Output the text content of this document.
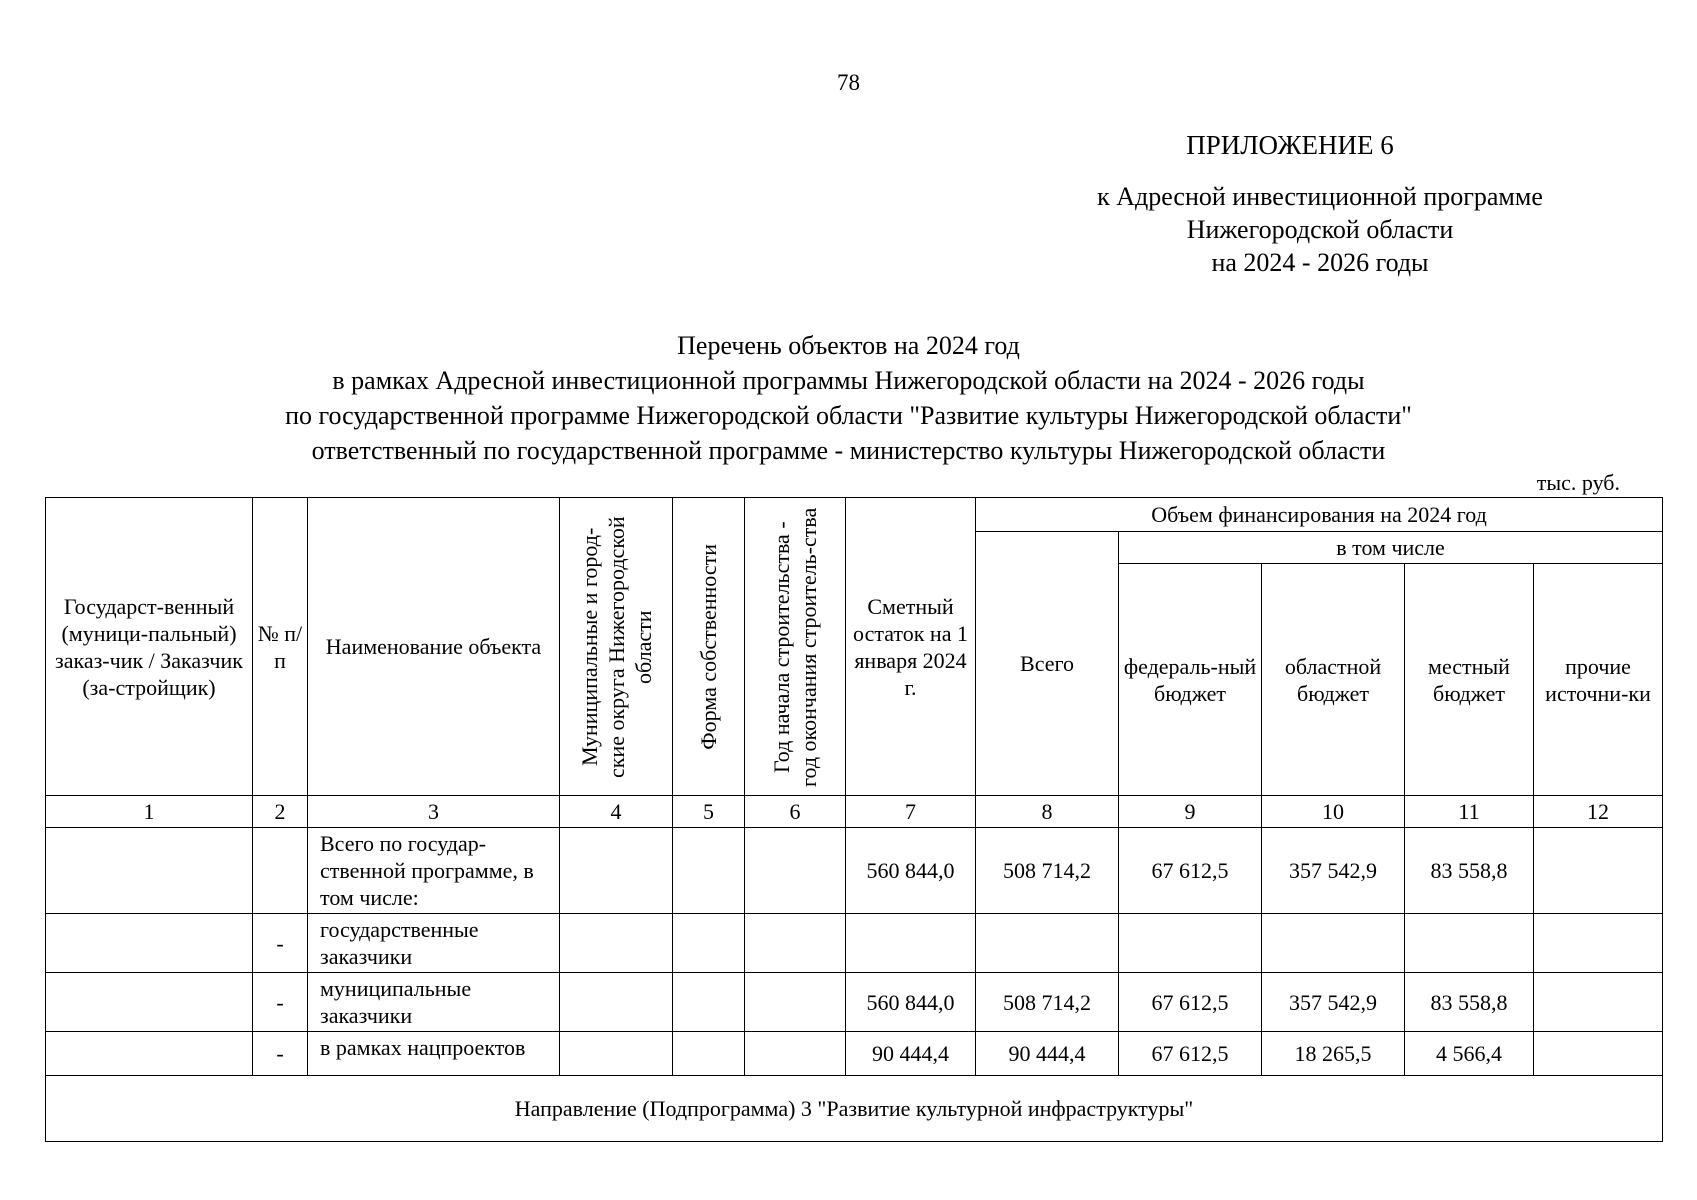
78
ПРИЛОЖЕНИЕ 6
к Адресной инвестиционной программе
Нижегородской области
на 2024 - 2026 годы
Перечень объектов на 2024 год
в рамках Адресной инвестиционной программы Нижегородской области на 2024 - 2026 годы
по государственной программе Нижегородской области "Развитие культуры Нижегородской области"
ответственный по государственной программе - министерство культуры Нижегородской области
тыс. руб.
Государст-венный (муници-пальный) заказ-чик / Заказчик (за-стройщик)	№ п/п	Наименование объекта	Муниципальные и город-ские округа Нижегородской области	Форма собственности	Год начала строительства - год окончания строитель-ства	Сметный остаток на 1 января 2024 г.	Объем финансирования на 2024 год				
							Всего	в том числе			
								федераль-ный бюджет	областной бюджет	местный бюджет	прочие источни-ки
1	2	3	4	5	6	7	8	9	10	11	12
		Всего по государ-ственной программе, в том числе:				560 844,0	508 714,2	67 612,5	357 542,9	83 558,8	
	-	государственные заказчики									
	-	муниципальные заказчики				560 844,0	508 714,2	67 612,5	357 542,9	83 558,8	
	-	в рамках нацпроектов				90 444,4	90 444,4	67 612,5	18 265,5	4 566,4	
Направление (Подпрограмма) 3 "Развитие культурной инфраструктуры"											
